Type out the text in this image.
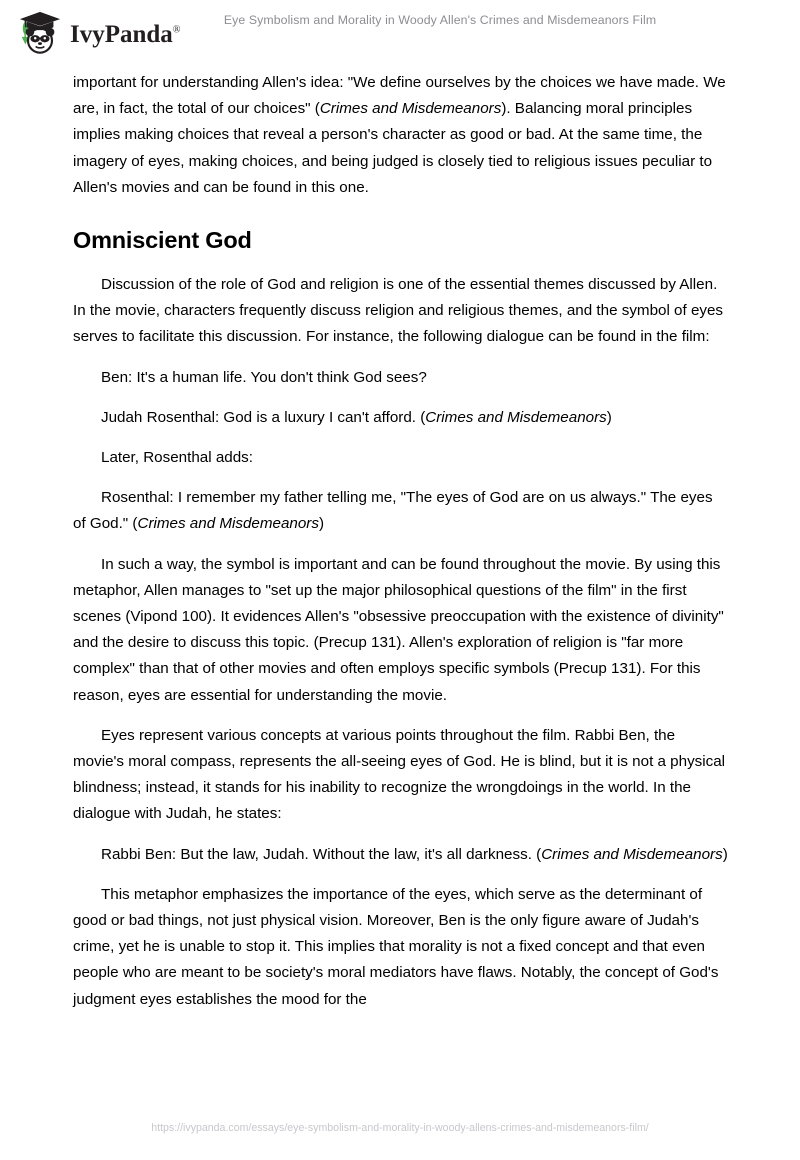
IvyPanda®
Eye Symbolism and Morality in Woody Allen's Crimes and Misdemeanors Film

important for understanding Allen's idea: "We define ourselves by the choices we have made. We are, in fact, the total of our choices" (Crimes and Misdemeanors). Balancing moral principles implies making choices that reveal a person's character as good or bad. At the same time, the imagery of eyes, making choices, and being judged is closely tied to religious issues peculiar to Allen's movies and can be found in this one.

Omniscient God

Discussion of the role of God and religion is one of the essential themes discussed by Allen. In the movie, characters frequently discuss religion and religious themes, and the symbol of eyes serves to facilitate this discussion. For instance, the following dialogue can be found in the film:

Ben: It's a human life. You don't think God sees?

Judah Rosenthal: God is a luxury I can't afford. (Crimes and Misdemeanors)

Later, Rosenthal adds:

Rosenthal: I remember my father telling me, "The eyes of God are on us always." The eyes of God." (Crimes and Misdemeanors)

In such a way, the symbol is important and can be found throughout the movie. By using this metaphor, Allen manages to "set up the major philosophical questions of the film" in the first scenes (Vipond 100). It evidences Allen's "obsessive preoccupation with the existence of divinity" and the desire to discuss this topic. (Precup 131). Allen's exploration of religion is "far more complex" than that of other movies and often employs specific symbols (Precup 131). For this reason, eyes are essential for understanding the movie.

Eyes represent various concepts at various points throughout the film. Rabbi Ben, the movie's moral compass, represents the all-seeing eyes of God. He is blind, but it is not a physical blindness; instead, it stands for his inability to recognize the wrongdoings in the world. In the dialogue with Judah, he states:

Rabbi Ben: But the law, Judah. Without the law, it's all darkness. (Crimes and Misdemeanors)

This metaphor emphasizes the importance of the eyes, which serve as the determinant of good or bad things, not just physical vision. Moreover, Ben is the only figure aware of Judah's crime, yet he is unable to stop it. This implies that morality is not a fixed concept and that even people who are meant to be society's moral mediators have flaws. Notably, the concept of God's judgment eyes establishes the mood for the

https://ivypanda.com/essays/eye-symbolism-and-morality-in-woody-allens-crimes-and-misdemeanors-film/
